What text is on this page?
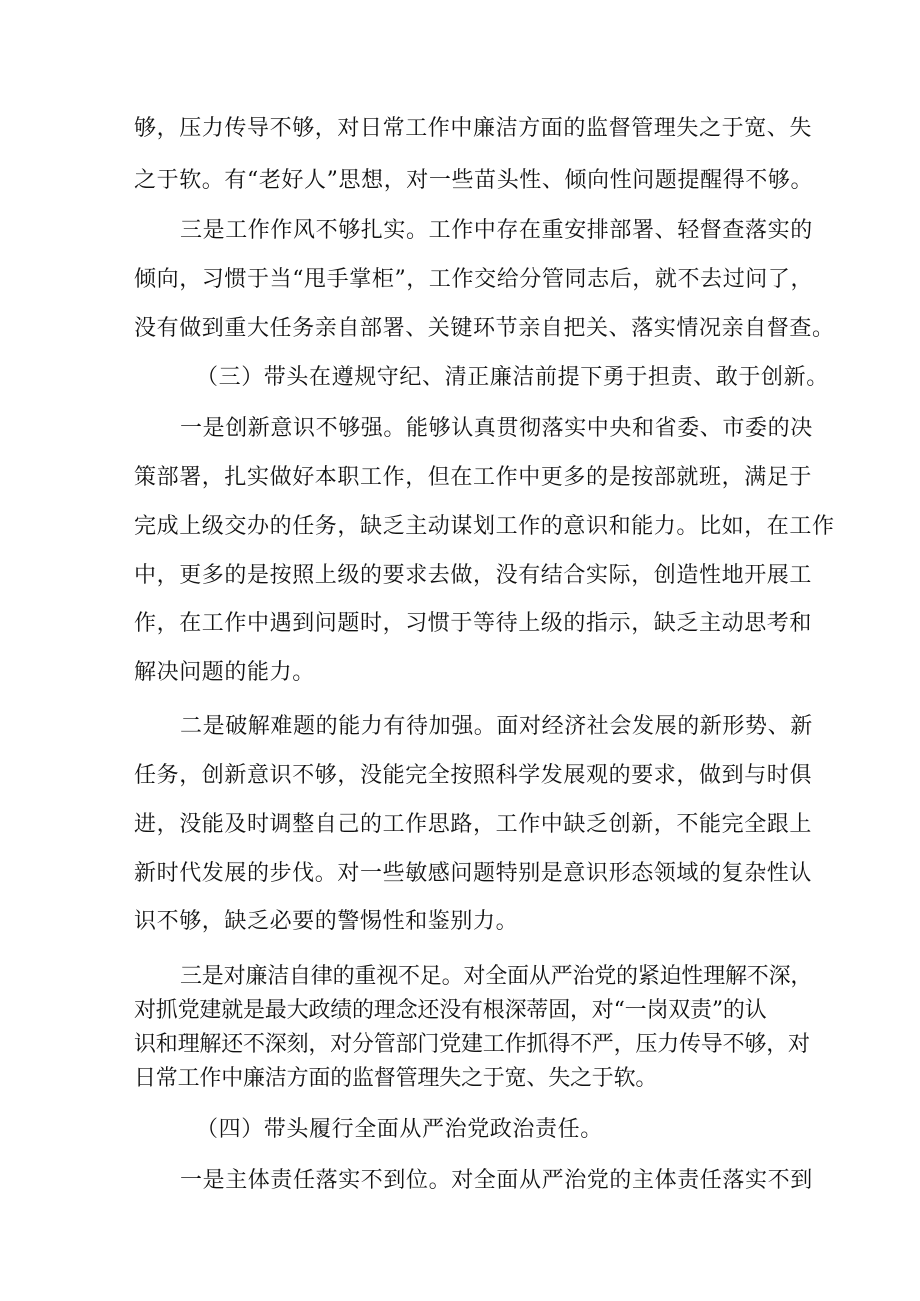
够，压力传导不够，对日常工作中廉洁方面的监督管理失之于宽、失
之于软。有“老好人”思想，对一些苗头性、倾向性问题提醒得不够。
三是工作作风不够扎实。工作中存在重安排部署、轻督查落实的
倾向，习惯于当“甩手掌柜”，工作交给分管同志后，就不去过问了，
没有做到重大任务亲自部署、关键环节亲自把关、落实情况亲自督查。
（三）带头在遵规守纪、清正廉洁前提下勇于担责、敢于创新。
一是创新意识不够强。能够认真贯彻落实中央和省委、市委的决
策部署，扎实做好本职工作，但在工作中更多的是按部就班，满足于
完成上级交办的任务，缺乏主动谋划工作的意识和能力。比如，在工作
中，更多的是按照上级的要求去做，没有结合实际，创造性地开展工
作，在工作中遇到问题时，习惯于等待上级的指示，缺乏主动思考和
解决问题的能力。
二是破解难题的能力有待加强。面对经济社会发展的新形势、新
任务，创新意识不够，没能完全按照科学发展观的要求，做到与时俱
进，没能及时调整自己的工作思路，工作中缺乏创新，不能完全跟上
新时代发展的步伐。对一些敏感问题特别是意识形态领域的复杂性认
识不够，缺乏必要的警惕性和鉴别力。
三是对廉洁自律的重视不足。对全面从严治党的紧迫性理解不深，
对抓党建就是最大政绩的理念还没有根深蒂固，对“一岗双责”的认
识和理解还不深刻，对分管部门党建工作抓得不严，压力传导不够，对
日常工作中廉洁方面的监督管理失之于宽、失之于软。
（四）带头履行全面从严治党政治责任。
一是主体责任落实不到位。对全面从严治党的主体责任落实不到
